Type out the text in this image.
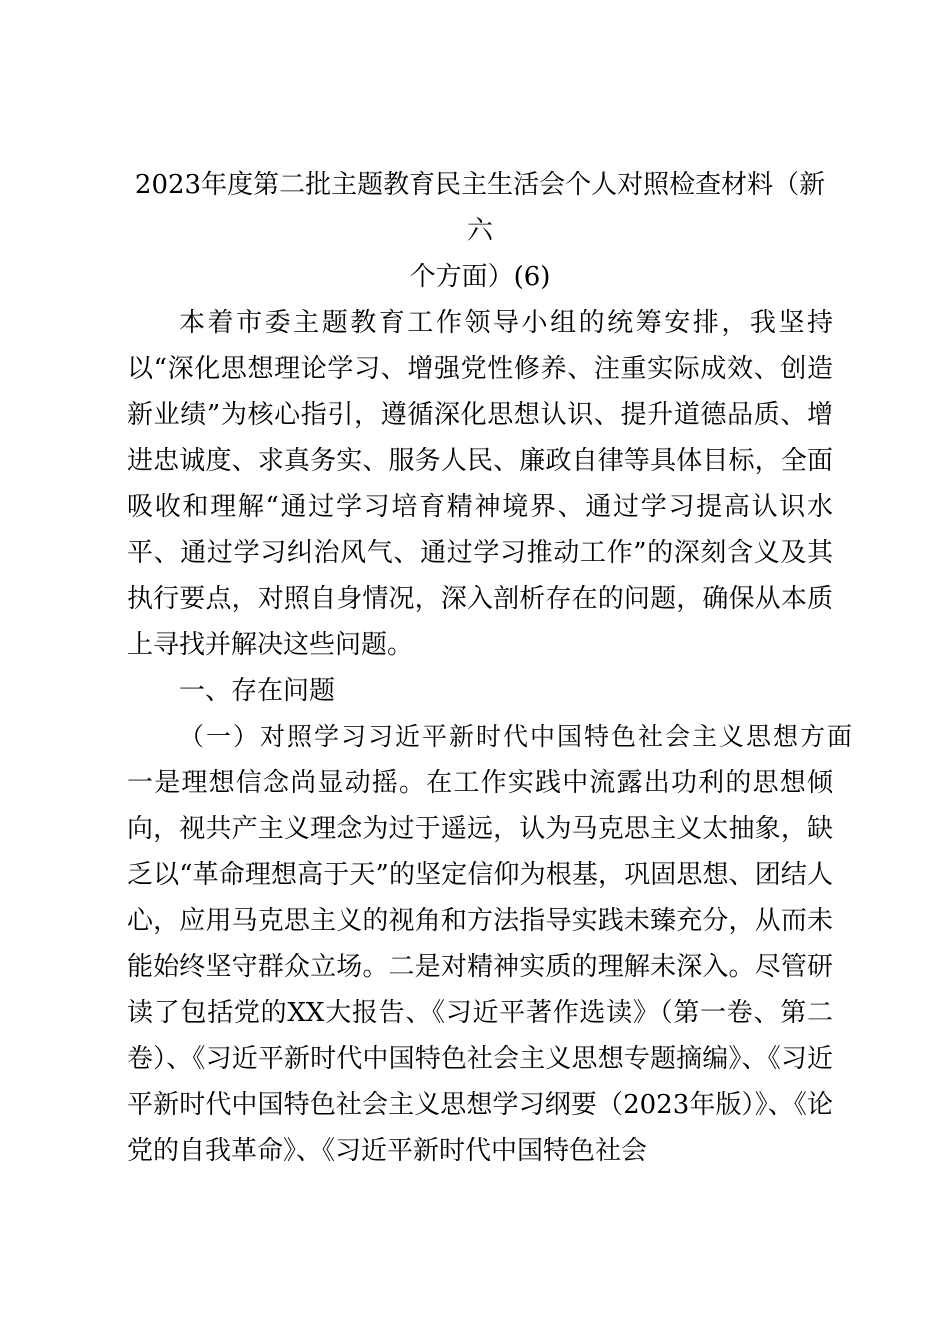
2023年度第二批主题教育民主生活会个人对照检查材料（新六
个方面）(6)

本着市委主题教育工作领导小组的统筹安排，我坚持以“深化思想理论学习、增强党性修养、注重实际成效、创造新业绩”为核心指引，遵循深化思想认识、提升道德品质、增进忠诚度、求真务实、服务人民、廉政自律等具体目标，全面吸收和理解“通过学习培育精神境界、通过学习提高认识水平、通过学习纠治风气、通过学习推动工作”的深刻含义及其执行要点，对照自身情况，深入剖析存在的问题，确保从本质上寻找并解决这些问题。

一、存在问题

（一）对照学习习近平新时代中国特色社会主义思想方面

一是理想信念尚显动摇。在工作实践中流露出功利的思想倾向，视共产主义理念为过于遥远，认为马克思主义太抽象，缺乏以“革命理想高于天”的坚定信仰为根基，巩固思想、团结人心，应用马克思主义的视角和方法指导实践未臻充分，从而未能始终坚守群众立场。二是对精神实质的理解未深入。尽管研读了包括党的XX大报告、《习近平著作选读》（第一卷、第二卷）、《习近平新时代中国特色社会主义思想专题摘编》、《习近平新时代中国特色社会主义思想学习纲要（2023年版）》、《论党的自我革命》、《习近平新时代中国特色社会
